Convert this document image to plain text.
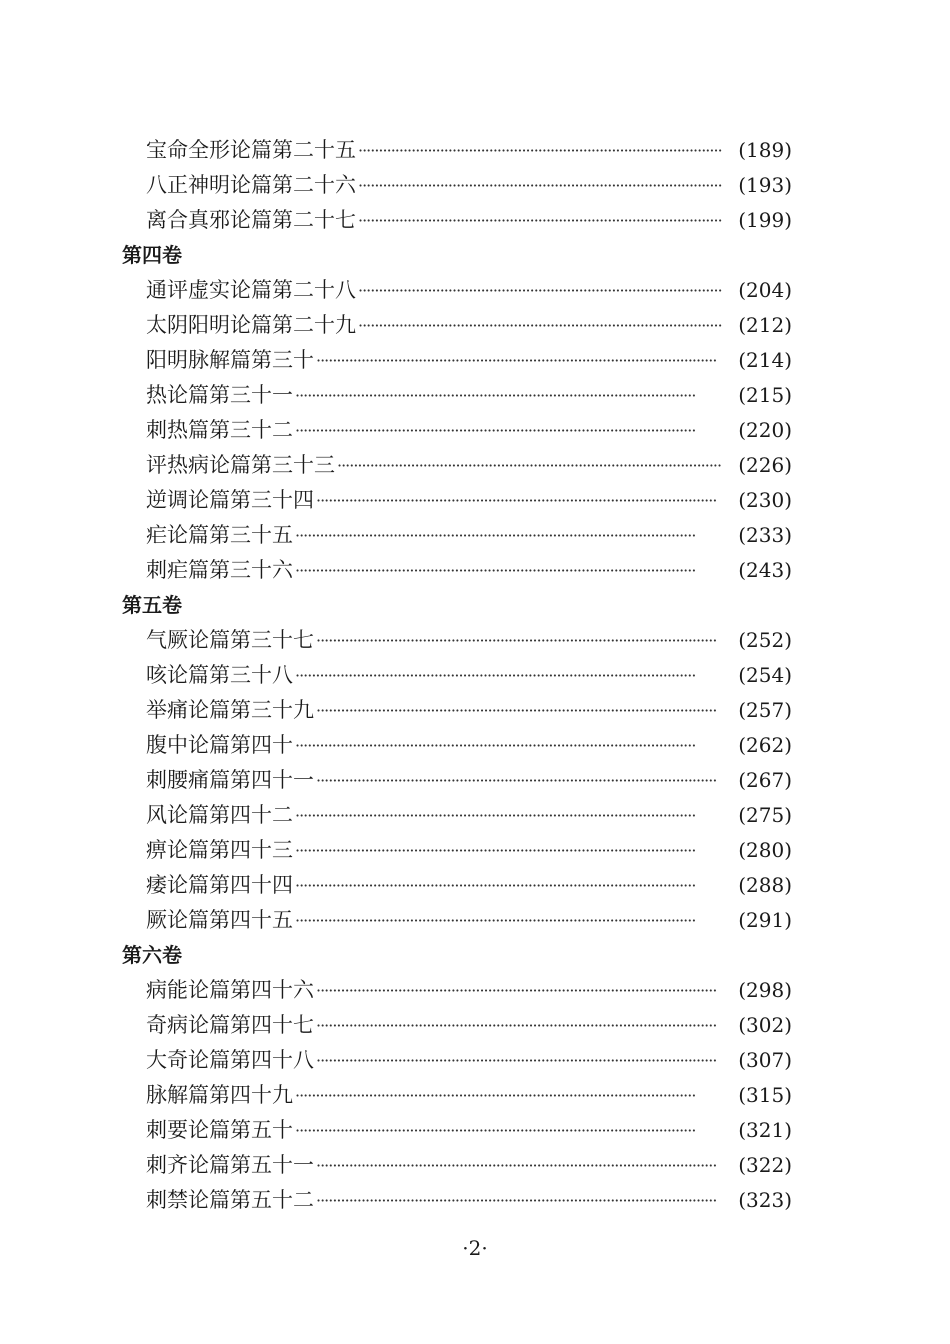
宝命全形论篇第二十五 ·····	(189)
八正神明论篇第二十六 ·····	(193)
离合真邪论篇第二十七 ·····	(199)
第四卷
通评虚实论篇第二十八 ·····	(204)
太阴阳明论篇第二十九 ·····	(212)
阳明脉解篇第三十 ·····	(214)
热论篇第三十一 ·····	(215)
刺热篇第三十二 ·····	(220)
评热病论篇第三十三 ·····	(226)
逆调论篇第三十四 ·····	(230)
疟论篇第三十五 ·····	(233)
刺疟篇第三十六 ·····	(243)
第五卷
气厥论篇第三十七 ·····	(252)
咳论篇第三十八 ·····	(254)
举痛论篇第三十九 ·····	(257)
腹中论篇第四十 ·····	(262)
刺腰痛篇第四十一 ·····	(267)
风论篇第四十二 ·····	(275)
痹论篇第四十三 ·····	(280)
痿论篇第四十四 ·····	(288)
厥论篇第四十五 ·····	(291)
第六卷
病能论篇第四十六 ·····	(298)
奇病论篇第四十七 ·····	(302)
大奇论篇第四十八 ·····	(307)
脉解篇第四十九 ·····	(315)
刺要论篇第五十 ·····	(321)
刺齐论篇第五十一 ·····	(322)
刺禁论篇第五十二 ·····	(323)
·2·
